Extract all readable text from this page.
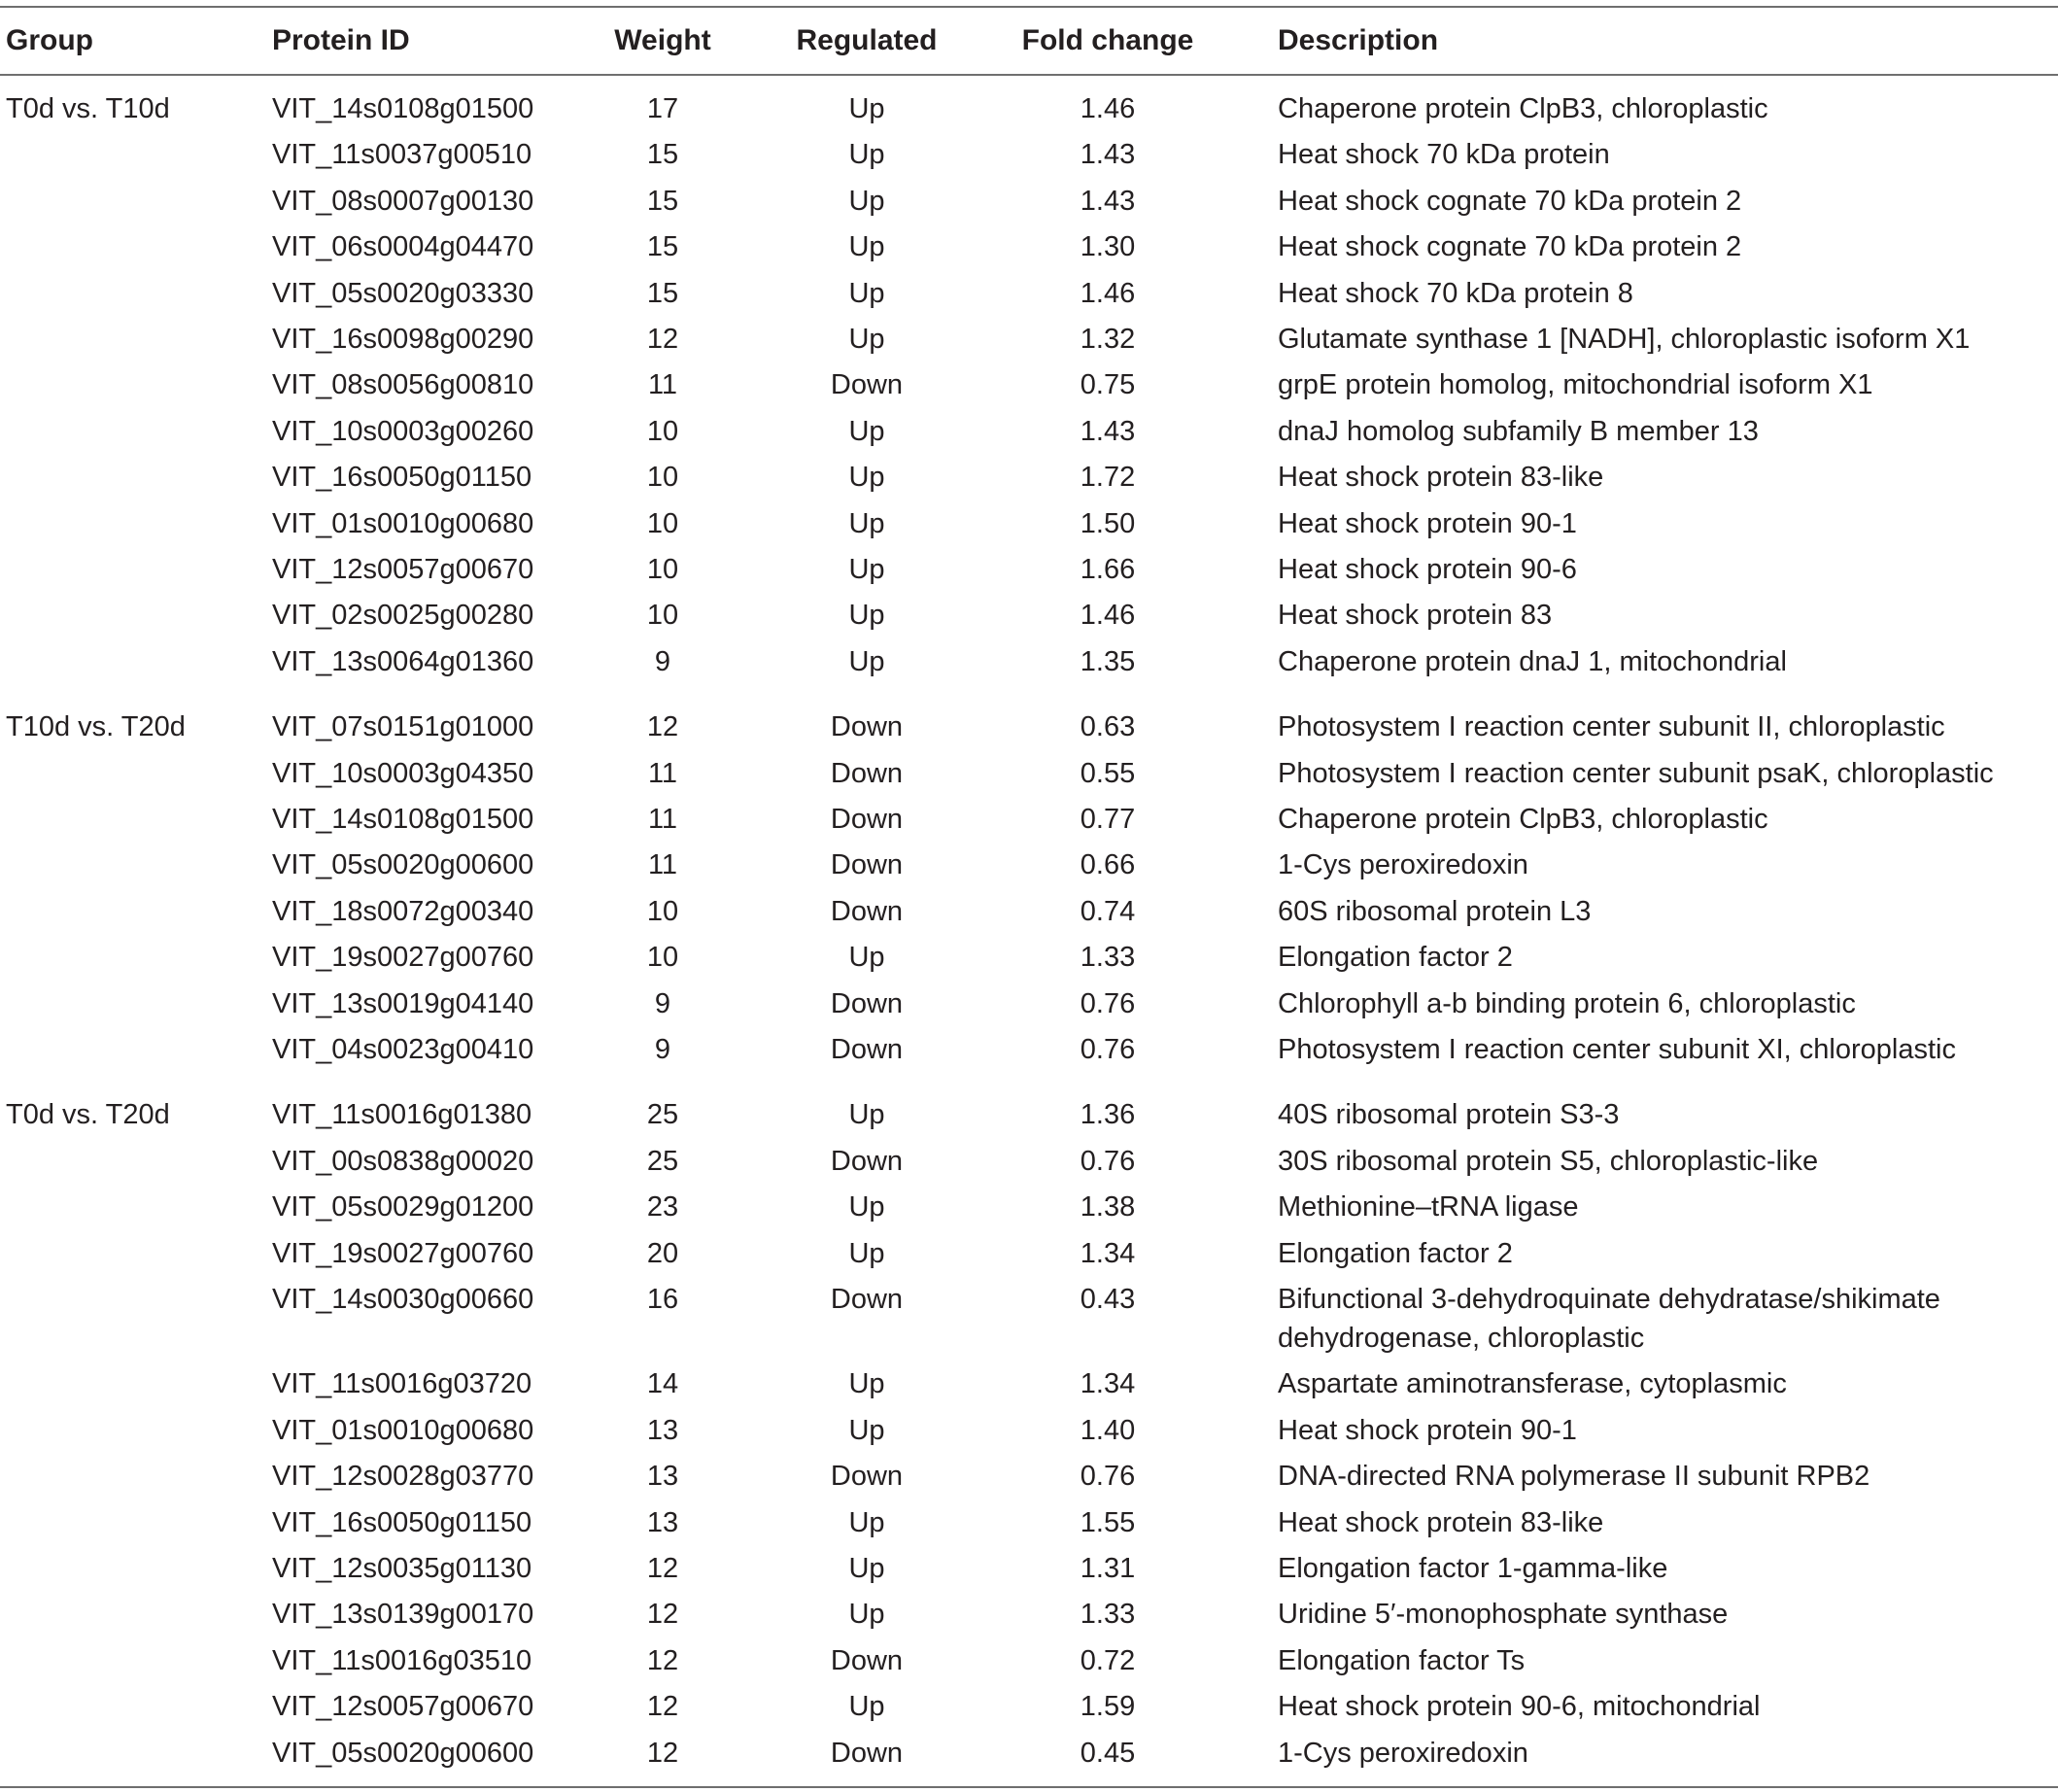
Group	Protein ID	Weight	Regulated	Fold change	Description
T0d vs. T10d	VIT_14s0108g01500	17	Up	1.46	Chaperone protein ClpB3, chloroplastic
VIT_11s0037g00510	15	Up	1.43	Heat shock 70 kDa protein
VIT_08s0007g00130	15	Up	1.43	Heat shock cognate 70 kDa protein 2
VIT_06s0004g04470	15	Up	1.30	Heat shock cognate 70 kDa protein 2
VIT_05s0020g03330	15	Up	1.46	Heat shock 70 kDa protein 8
VIT_16s0098g00290	12	Up	1.32	Glutamate synthase 1 [NADH], chloroplastic isoform X1
VIT_08s0056g00810	11	Down	0.75	grpE protein homolog, mitochondrial isoform X1
VIT_10s0003g00260	10	Up	1.43	dnaJ homolog subfamily B member 13
VIT_16s0050g01150	10	Up	1.72	Heat shock protein 83-like
VIT_01s0010g00680	10	Up	1.50	Heat shock protein 90-1
VIT_12s0057g00670	10	Up	1.66	Heat shock protein 90-6
VIT_02s0025g00280	10	Up	1.46	Heat shock protein 83
VIT_13s0064g01360	9	Up	1.35	Chaperone protein dnaJ 1, mitochondrial
T10d vs. T20d	VIT_07s0151g01000	12	Down	0.63	Photosystem I reaction center subunit II, chloroplastic
VIT_10s0003g04350	11	Down	0.55	Photosystem I reaction center subunit psaK, chloroplastic
VIT_14s0108g01500	11	Down	0.77	Chaperone protein ClpB3, chloroplastic
VIT_05s0020g00600	11	Down	0.66	1-Cys peroxiredoxin
VIT_18s0072g00340	10	Down	0.74	60S ribosomal protein L3
VIT_19s0027g00760	10	Up	1.33	Elongation factor 2
VIT_13s0019g04140	9	Down	0.76	Chlorophyll a-b binding protein 6, chloroplastic
VIT_04s0023g00410	9	Down	0.76	Photosystem I reaction center subunit XI, chloroplastic
T0d vs. T20d	VIT_11s0016g01380	25	Up	1.36	40S ribosomal protein S3-3
VIT_00s0838g00020	25	Down	0.76	30S ribosomal protein S5, chloroplastic-like
VIT_05s0029g01200	23	Up	1.38	Methionine–tRNA ligase
VIT_19s0027g00760	20	Up	1.34	Elongation factor 2
VIT_14s0030g00660	16	Down	0.43	Bifunctional 3-dehydroquinate dehydratase/shikimate
dehydrogenase, chloroplastic
VIT_11s0016g03720	14	Up	1.34	Aspartate aminotransferase, cytoplasmic
VIT_01s0010g00680	13	Up	1.40	Heat shock protein 90-1
VIT_12s0028g03770	13	Down	0.76	DNA-directed RNA polymerase II subunit RPB2
VIT_16s0050g01150	13	Up	1.55	Heat shock protein 83-like
VIT_12s0035g01130	12	Up	1.31	Elongation factor 1-gamma-like
VIT_13s0139g00170	12	Up	1.33	Uridine 5′-monophosphate synthase
VIT_11s0016g03510	12	Down	0.72	Elongation factor Ts
VIT_12s0057g00670	12	Up	1.59	Heat shock protein 90-6, mitochondrial
VIT_05s0020g00600	12	Down	0.45	1-Cys peroxiredoxin
